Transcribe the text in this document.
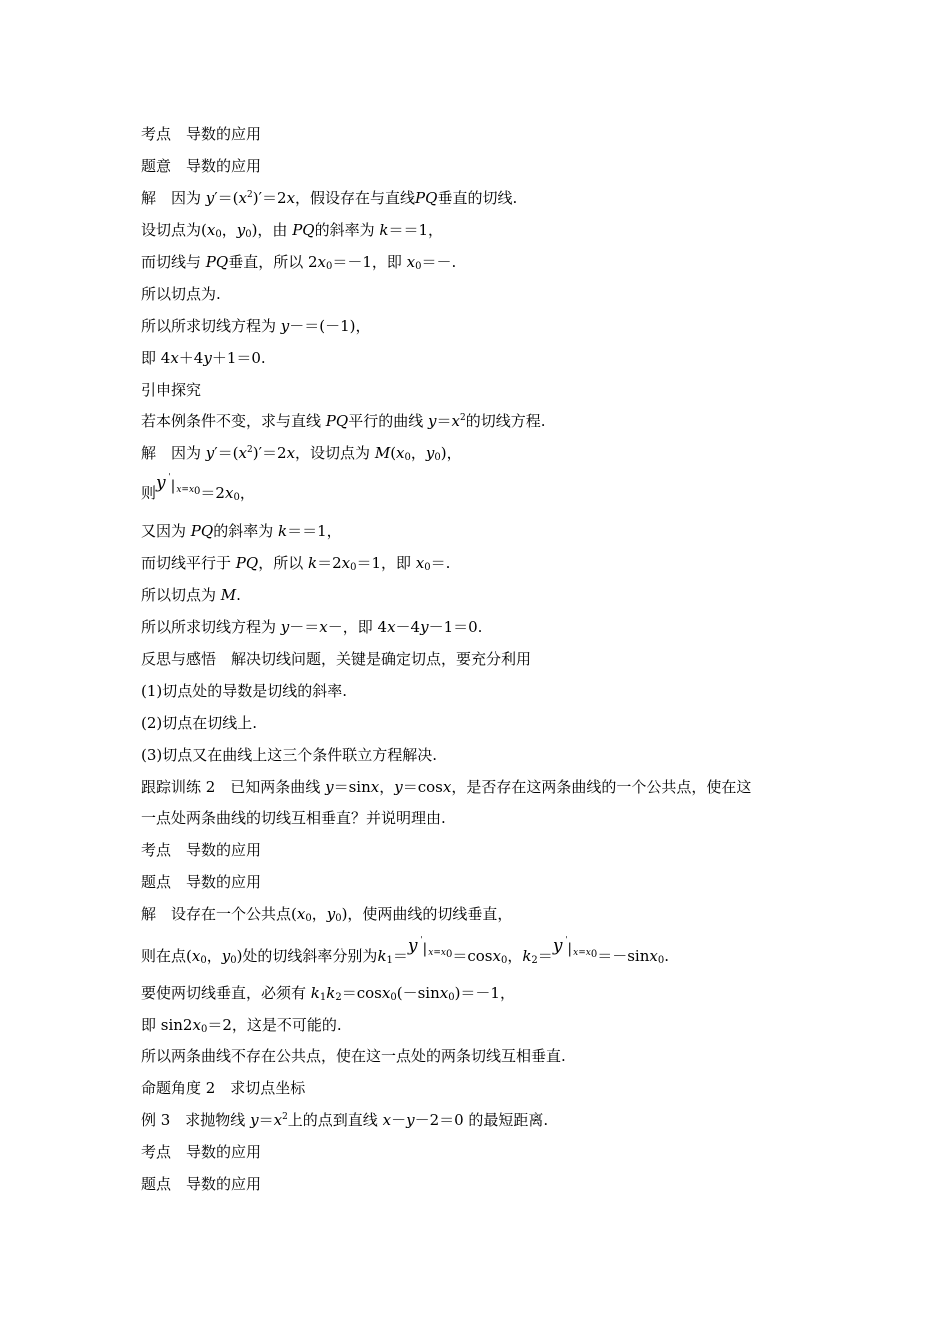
考点　导数的应用
题意　导数的应用
解　因为 $y'=(x^2)'=2x$，假设存在与直线PQ垂直的切线.
设切点为($x_0$，$y_0$)，由 PQ的斜率为 k＝＝1，
而切线与 PQ垂直，所以 $2x_0=-1$，即 $x_0=-$.
所以切点为.
所以所求切线方程为 y－＝(－1)，
即 4x＋4y＋1＝0.
引申探究
若本例条件不变，求与直线 PQ平行的曲线 $y=x^2$的切线方程.
解　因为 $y'=(x^2)'=2x$，设切点为 $M(x_0$，$y_0$)，
则y '
$_{|x=x_0}=2x_0$，
又因为 PQ的斜率为 k＝＝1，
而切线平行于 PQ，所以 $k=2x_0=1$，即 $x_0=$.
所以切点为 M.
所以所求切线方程为 y－＝x－，即 4x－4y－1＝0.
反思与感悟　解决切线问题，关键是确定切点，要充分利用
(1)切点处的导数是切线的斜率.
(2)切点在切线上.
(3)切点又在曲线上这三个条件联立方程解决.
跟踪训练 2　已知两条曲线 y＝sinx，y＝cosx，是否存在这两条曲线的一个公共点，使在这
一点处两条曲线的切线互相垂直？并说明理由.
考点　导数的应用
题点　导数的应用
解　设存在一个公共点($x_0$，$y_0$)，使两曲线的切线垂直，
则在点($x_0$，$y_0$)处的切线斜率分别为$k_1=y$ '
$_{|x=x_0}$＝cosx$_0$，$k_2=y$ '
$_{|x=x_0}$＝－sinx$_0$.
要使两切线垂直，必须有 $k_1k_2=\cos x_0(-\sin x_0)=-1$，
即 $\sin 2x_0=2$，这是不可能的.
所以两条曲线不存在公共点，使在这一点处的两条切线互相垂直.
命题角度 2　求切点坐标
例 3　求抛物线 $y=x^2$上的点到直线 x－y－2＝0 的最短距离.
考点　导数的应用
题点　导数的应用
